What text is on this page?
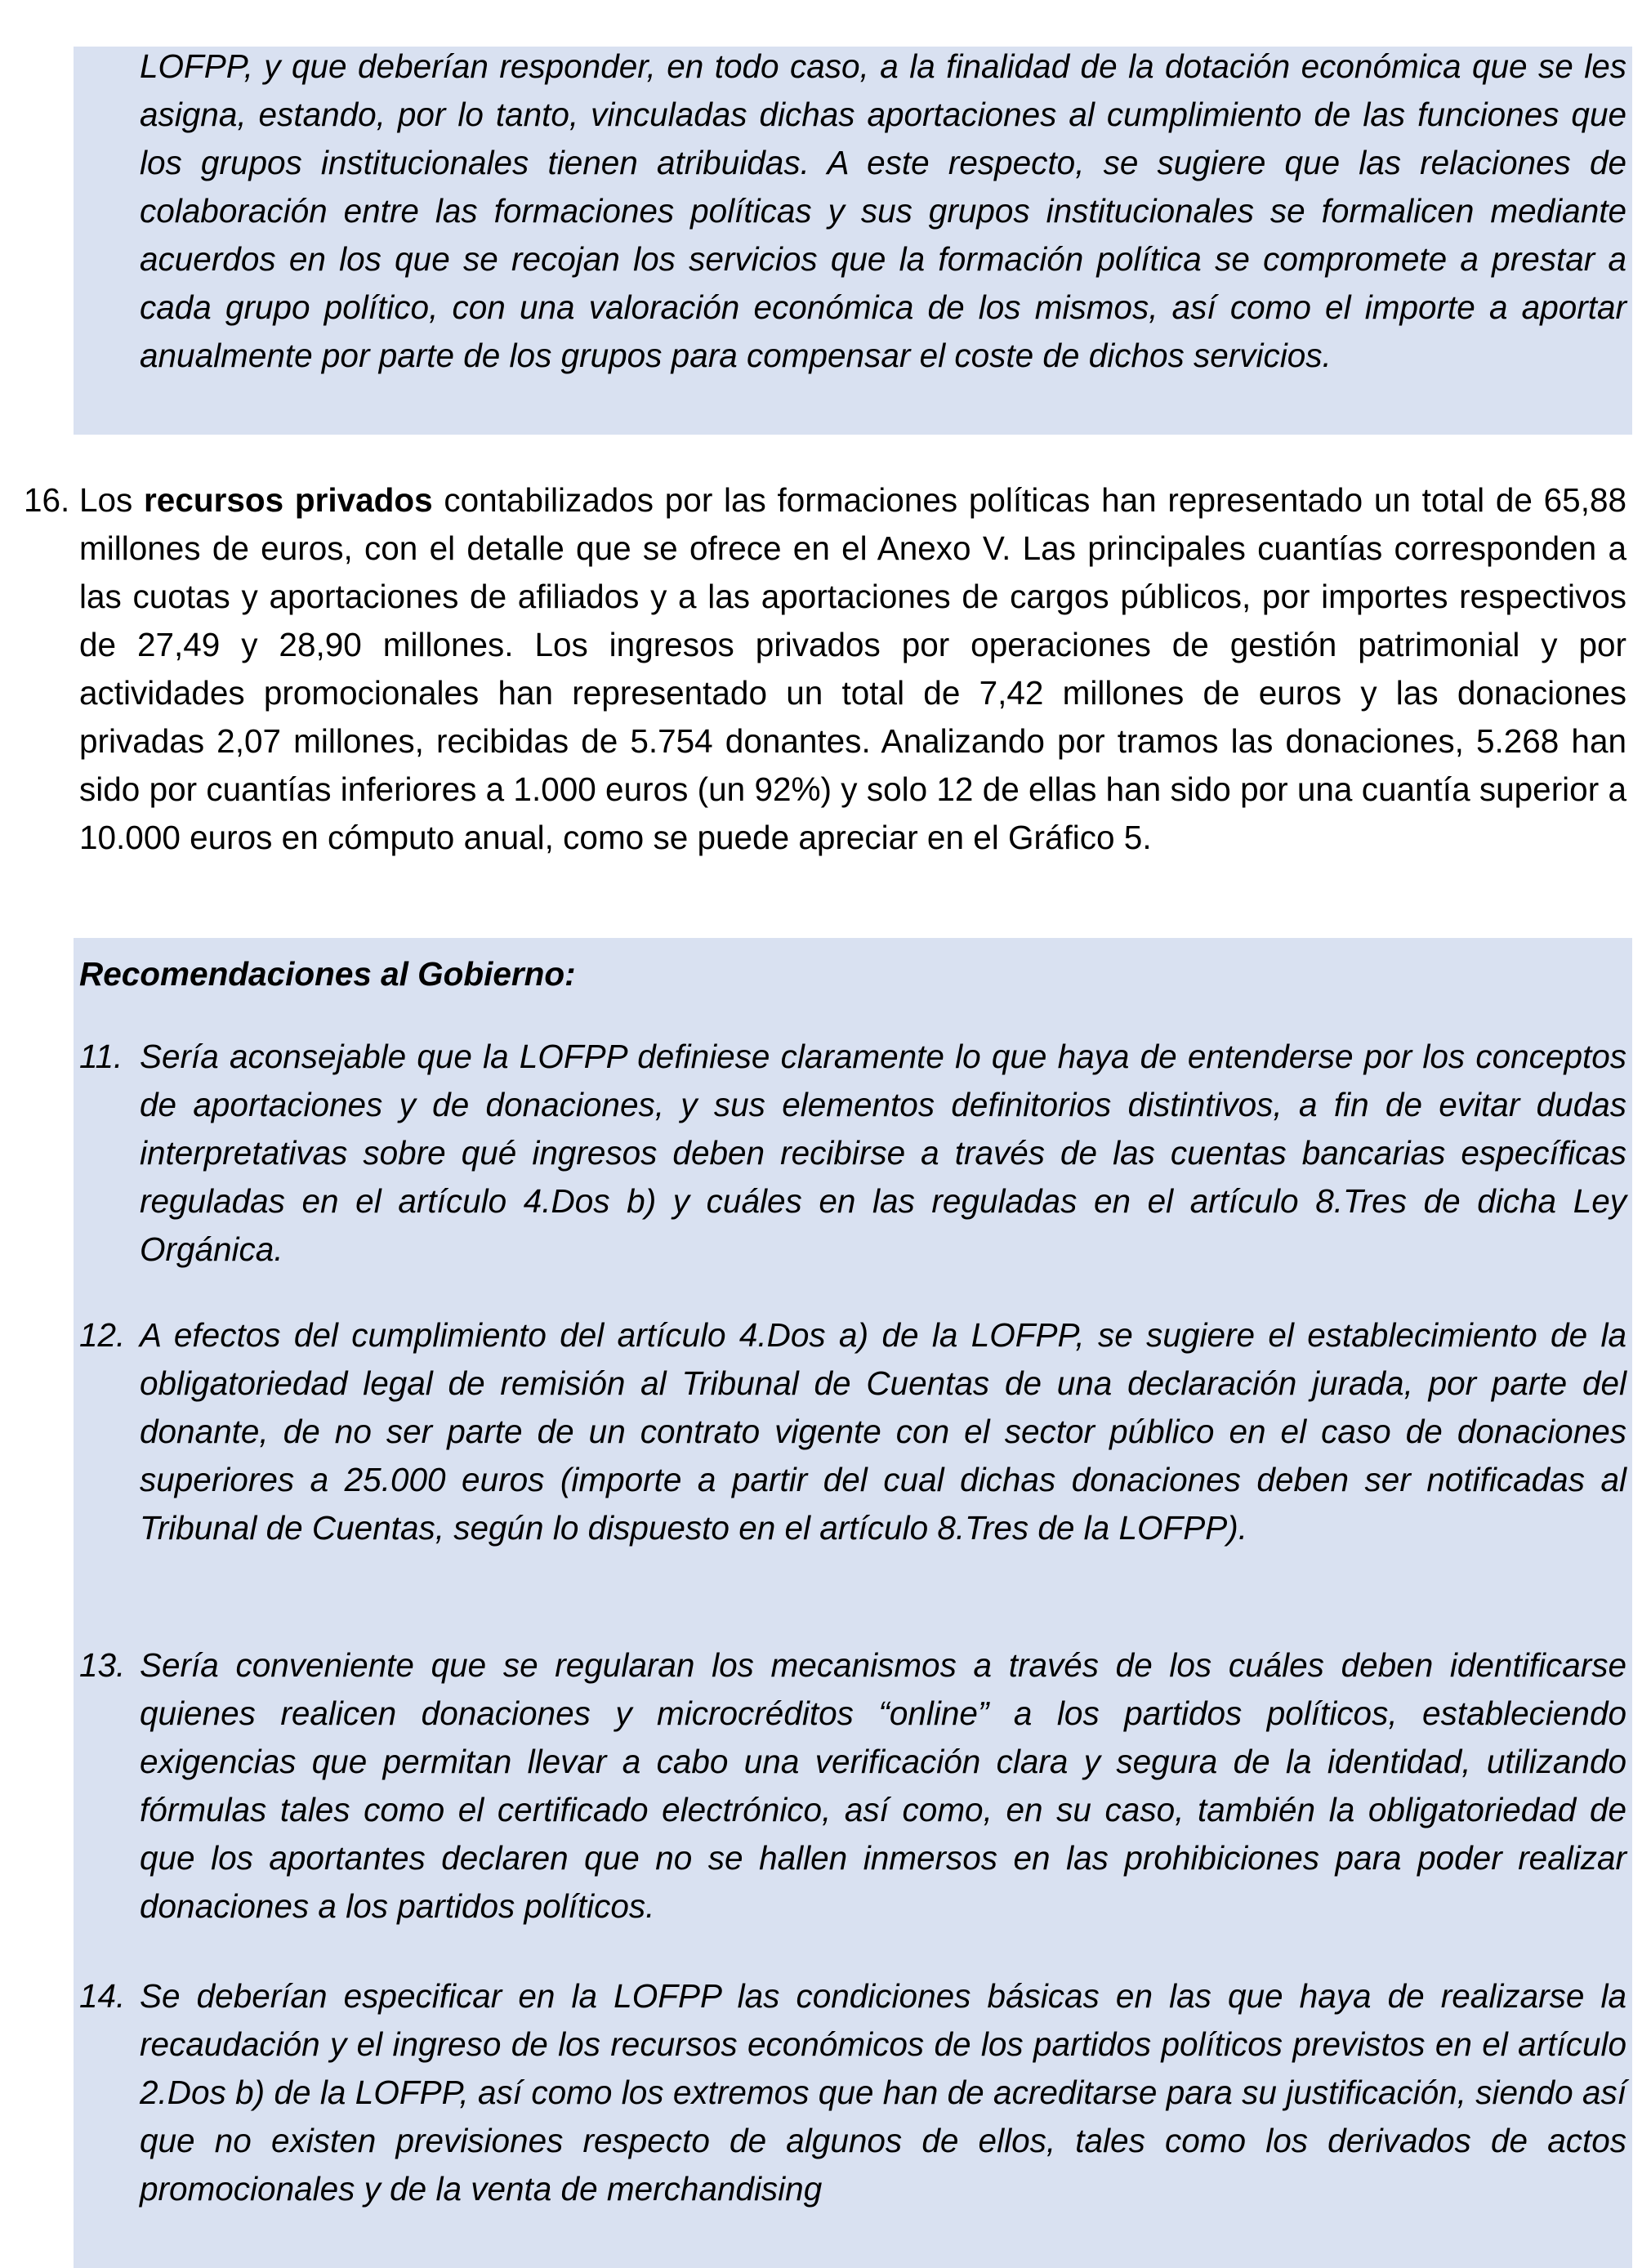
LOFPP, y que deberían responder, en todo caso, a la finalidad de la dotación económica que se les asigna, estando, por lo tanto, vinculadas dichas aportaciones al cumplimiento de las funciones que los grupos institucionales tienen atribuidas. A este respecto, se sugiere que las relaciones de colaboración entre las formaciones políticas y sus grupos institucionales se formalicen mediante acuerdos en los que se recojan los servicios que la formación política se compromete a prestar a cada grupo político, con una valoración económica de los mismos, así como el importe a aportar anualmente por parte de los grupos para compensar el coste de dichos servicios.

16. Los recursos privados contabilizados por las formaciones políticas han representado un total de 65,88 millones de euros, con el detalle que se ofrece en el Anexo V. Las principales cuantías corresponden a las cuotas y aportaciones de afiliados y a las aportaciones de cargos públicos, por importes respectivos de 27,49 y 28,90 millones. Los ingresos privados por operaciones de gestión patrimonial y por actividades promocionales han representado un total de 7,42 millones de euros y las donaciones privadas 2,07 millones, recibidas de 5.754 donantes. Analizando por tramos las donaciones, 5.268 han sido por cuantías inferiores a 1.000 euros (un 92%) y solo 12 de ellas han sido por una cuantía superior a 10.000 euros en cómputo anual, como se puede apreciar en el Gráfico 5.

Recomendaciones al Gobierno:
11. Sería aconsejable que la LOFPP definiese claramente lo que haya de entenderse por los conceptos de aportaciones y de donaciones, y sus elementos definitorios distintivos, a fin de evitar dudas interpretativas sobre qué ingresos deben recibirse a través de las cuentas bancarias específicas reguladas en el artículo 4.Dos b) y cuáles en las reguladas en el artículo 8.Tres de dicha Ley Orgánica.

12. A efectos del cumplimiento del artículo 4.Dos a) de la LOFPP, se sugiere el establecimiento de la obligatoriedad legal de remisión al Tribunal de Cuentas de una declaración jurada, por parte del donante, de no ser parte de un contrato vigente con el sector público en el caso de donaciones superiores a 25.000 euros (importe a partir del cual dichas donaciones deben ser notificadas al Tribunal de Cuentas, según lo dispuesto en el artículo 8.Tres de la LOFPP).

13. Sería conveniente que se regularan los mecanismos a través de los cuáles deben identificarse quienes realicen donaciones y microcréditos “online” a los partidos políticos, estableciendo exigencias que permitan llevar a cabo una verificación clara y segura de la identidad, utilizando fórmulas tales como el certificado electrónico, así como, en su caso, también la obligatoriedad de que los aportantes declaren que no se hallen inmersos en las prohibiciones para poder realizar donaciones a los partidos políticos.

14. Se deberían especificar en la LOFPP las condiciones básicas en las que haya de realizarse la recaudación y el ingreso de los recursos económicos de los partidos políticos previstos en el artículo 2.Dos b) de la LOFPP, así como los extremos que han de acreditarse para su justificación, siendo así que no existen previsiones respecto de algunos de ellos, tales como los derivados de actos promocionales y de la venta de merchandising
